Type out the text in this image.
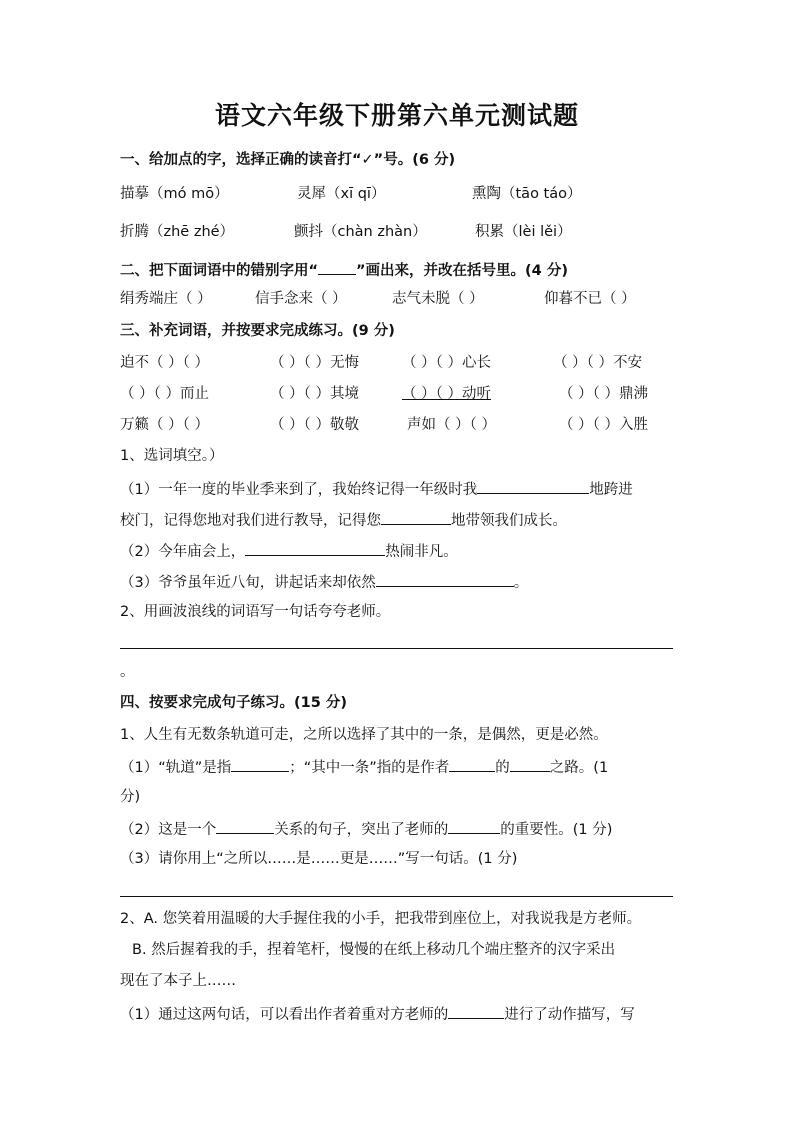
语文六年级下册第六单元测试题
一、给加点的字，选择正确的读音打“✓”号。(6 分)
描摹（mó mō）	灵犀（xī qī）	熏陶（tāo táo）
折腾（zhē zhé）	颤抖（chàn zhàn）	积累（lèi lěi）
二、把下面词语中的错别字用“	”画出来，并改在括号里。(4 分)
绢秀端庄（ ）	信手念来（ ）	志气未脱（ ）	仰暮不已（ ）
三、补充词语，并按要求完成练习。(9 分)
迫不（ ）（ ）	（ ）（ ）无悔	（ ）（ ）心长	（ ）（ ）不安
（ ）（ ）而止	（ ）（ ）其境	（ ）（ ）动听	（ ）（ ）鼎沸
万籁（ ）（ ）	（ ）（ ）敬敬	声如（ ）（ ）	（ ）（ ）入胜
1、选词填空。）
（1）一年一度的毕业季来到了，我始终记得一年级时我	地跨进
校门，记得您地对我们进行教导，记得您	地带领我们成长。
（2）今年庙会上，	热闹非凡。
（3）爷爷虽年近八旬，讲起话来却依然	。
2、用画波浪线的词语写一句话夸夸老师。
。
四、按要求完成句子练习。(15 分)
1、人生有无数条轨道可走，之所以选择了其中的一条，是偶然，更是必然。
（1）“轨道”是指	；“其中一条”指的是作者	的	之路。(1
分)
（2）这是一个	关系的句子，突出了老师的	的重要性。(1 分)
（3）请你用上“之所以……是……更是……”写一句话。(1 分)
2、A. 您笑着用温暖的大手握住我的小手，把我带到座位上，对我说我是方老师。
B. 然后握着我的手，捏着笔杆，慢慢的在纸上移动几个端庄整齐的汉字采出
现在了本子上……
（1）通过这两句话，可以看出作者着重对方老师的	进行了动作描写，写
